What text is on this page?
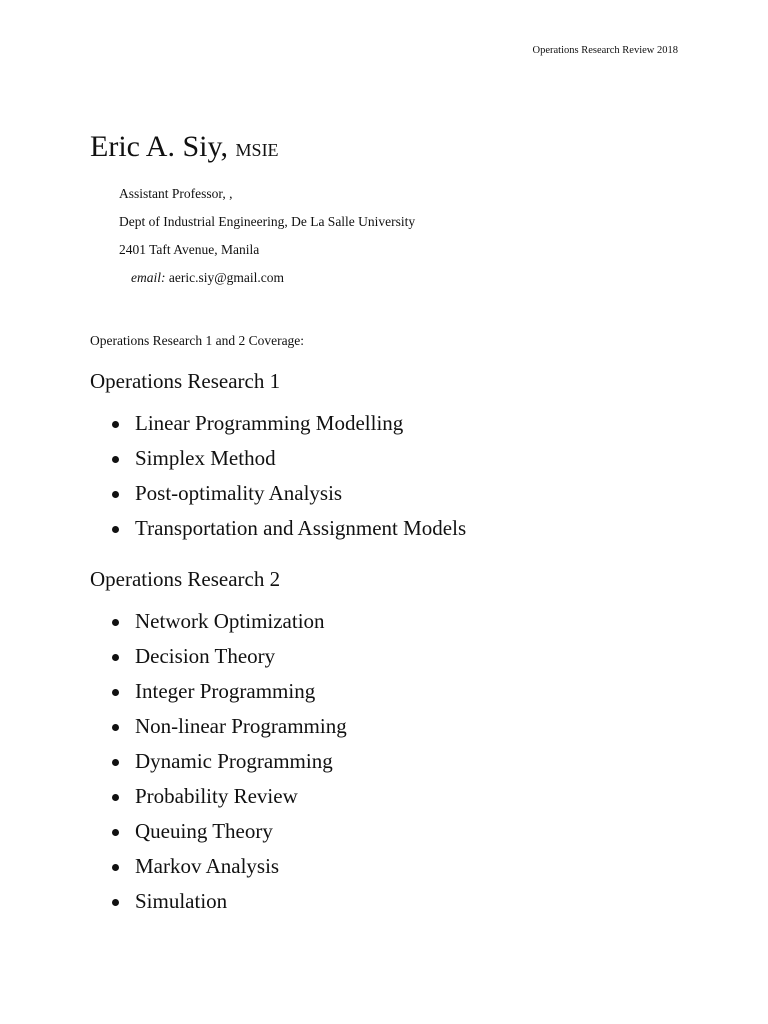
Operations Research Review 2018
Eric A. Siy, MSIE
Assistant Professor, ,
Dept of Industrial Engineering, De La Salle University
2401 Taft Avenue, Manila
email: aeric.siy@gmail.com
Operations Research 1 and 2 Coverage:
Operations Research 1
Linear Programming Modelling
Simplex Method
Post-optimality Analysis
Transportation and Assignment Models
Operations Research 2
Network Optimization
Decision Theory
Integer Programming
Non-linear Programming
Dynamic Programming
Probability Review
Queuing Theory
Markov Analysis
Simulation
